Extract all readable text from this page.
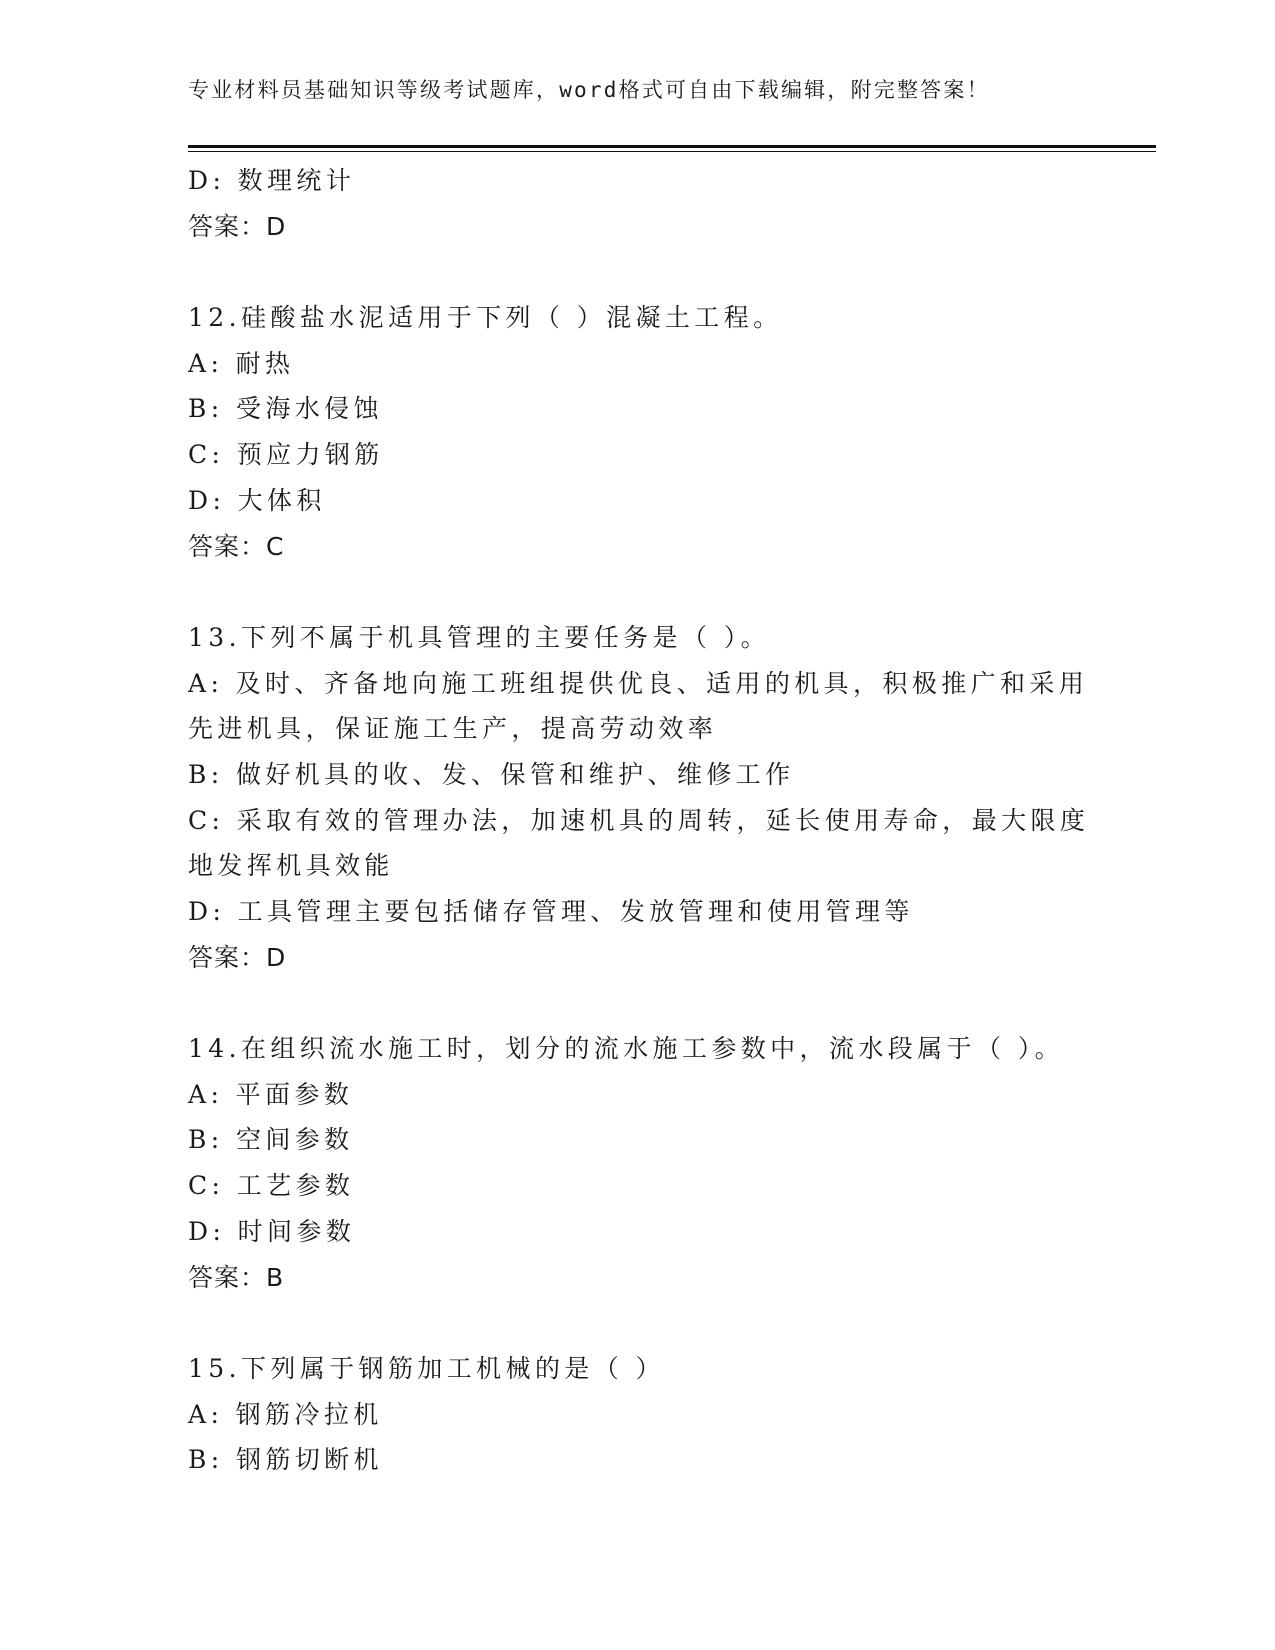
专业材料员基础知识等级考试题库，word格式可自由下载编辑，附完整答案！
D: 数理统计
答案：D
12.硅酸盐水泥适用于下列（ ）混凝土工程。
A: 耐热
B: 受海水侵蚀
C: 预应力钢筋
D: 大体积
答案：C
13.下列不属于机具管理的主要任务是（ ）。
A: 及时、齐备地向施工班组提供优良、适用的机具，积极推广和采用
先进机具，保证施工生产，提高劳动效率
B: 做好机具的收、发、保管和维护、维修工作
C: 采取有效的管理办法，加速机具的周转，延长使用寿命，最大限度
地发挥机具效能
D: 工具管理主要包括储存管理、发放管理和使用管理等
答案：D
14.在组织流水施工时，划分的流水施工参数中，流水段属于（ ）。
A: 平面参数
B: 空间参数
C: 工艺参数
D: 时间参数
答案：B
15.下列属于钢筋加工机械的是（ ）
A: 钢筋冷拉机
B: 钢筋切断机
